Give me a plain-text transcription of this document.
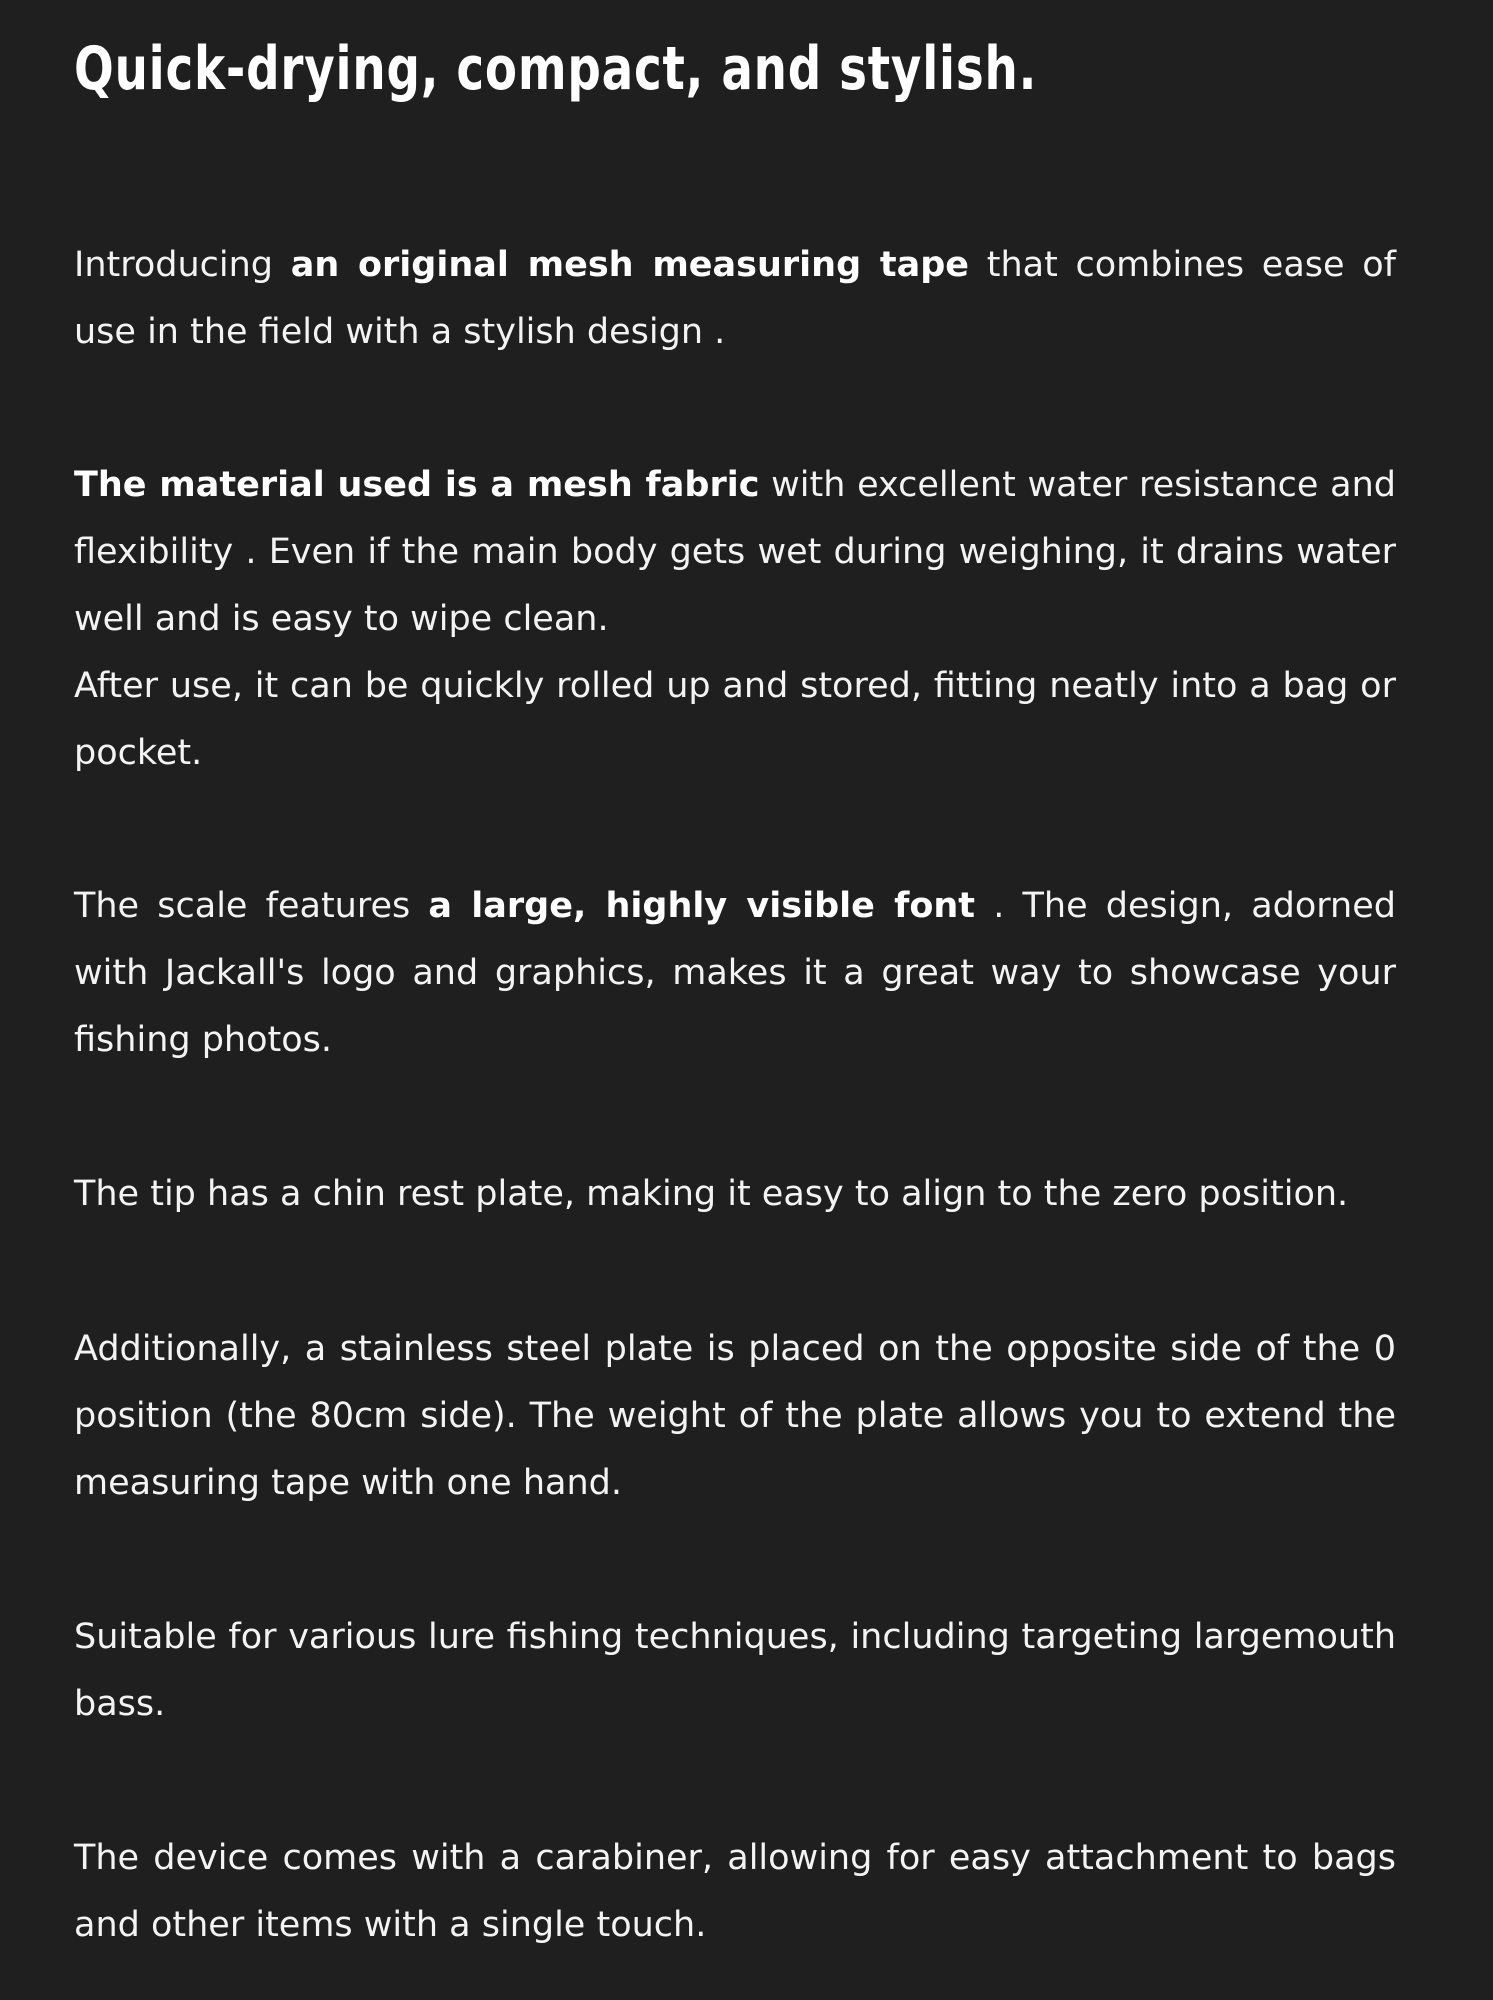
Quick-drying, compact, and stylish.

Introducing an original mesh measuring tape that combines ease of use in the field with a stylish design .

The material used is a mesh fabric with excellent water resistance and flexibility . Even if the main body gets wet during weighing, it drains water well and is easy to wipe clean.
After use, it can be quickly rolled up and stored, fitting neatly into a bag or pocket.

The scale features a large, highly visible font . The design, adorned with Jackall's logo and graphics, makes it a great way to showcase your fishing photos.

The tip has a chin rest plate, making it easy to align to the zero position.

Additionally, a stainless steel plate is placed on the opposite side of the 0 position (the 80cm side). The weight of the plate allows you to extend the measuring tape with one hand.

Suitable for various lure fishing techniques, including targeting largemouth bass.

The device comes with a carabiner, allowing for easy attachment to bags and other items with a single touch.
